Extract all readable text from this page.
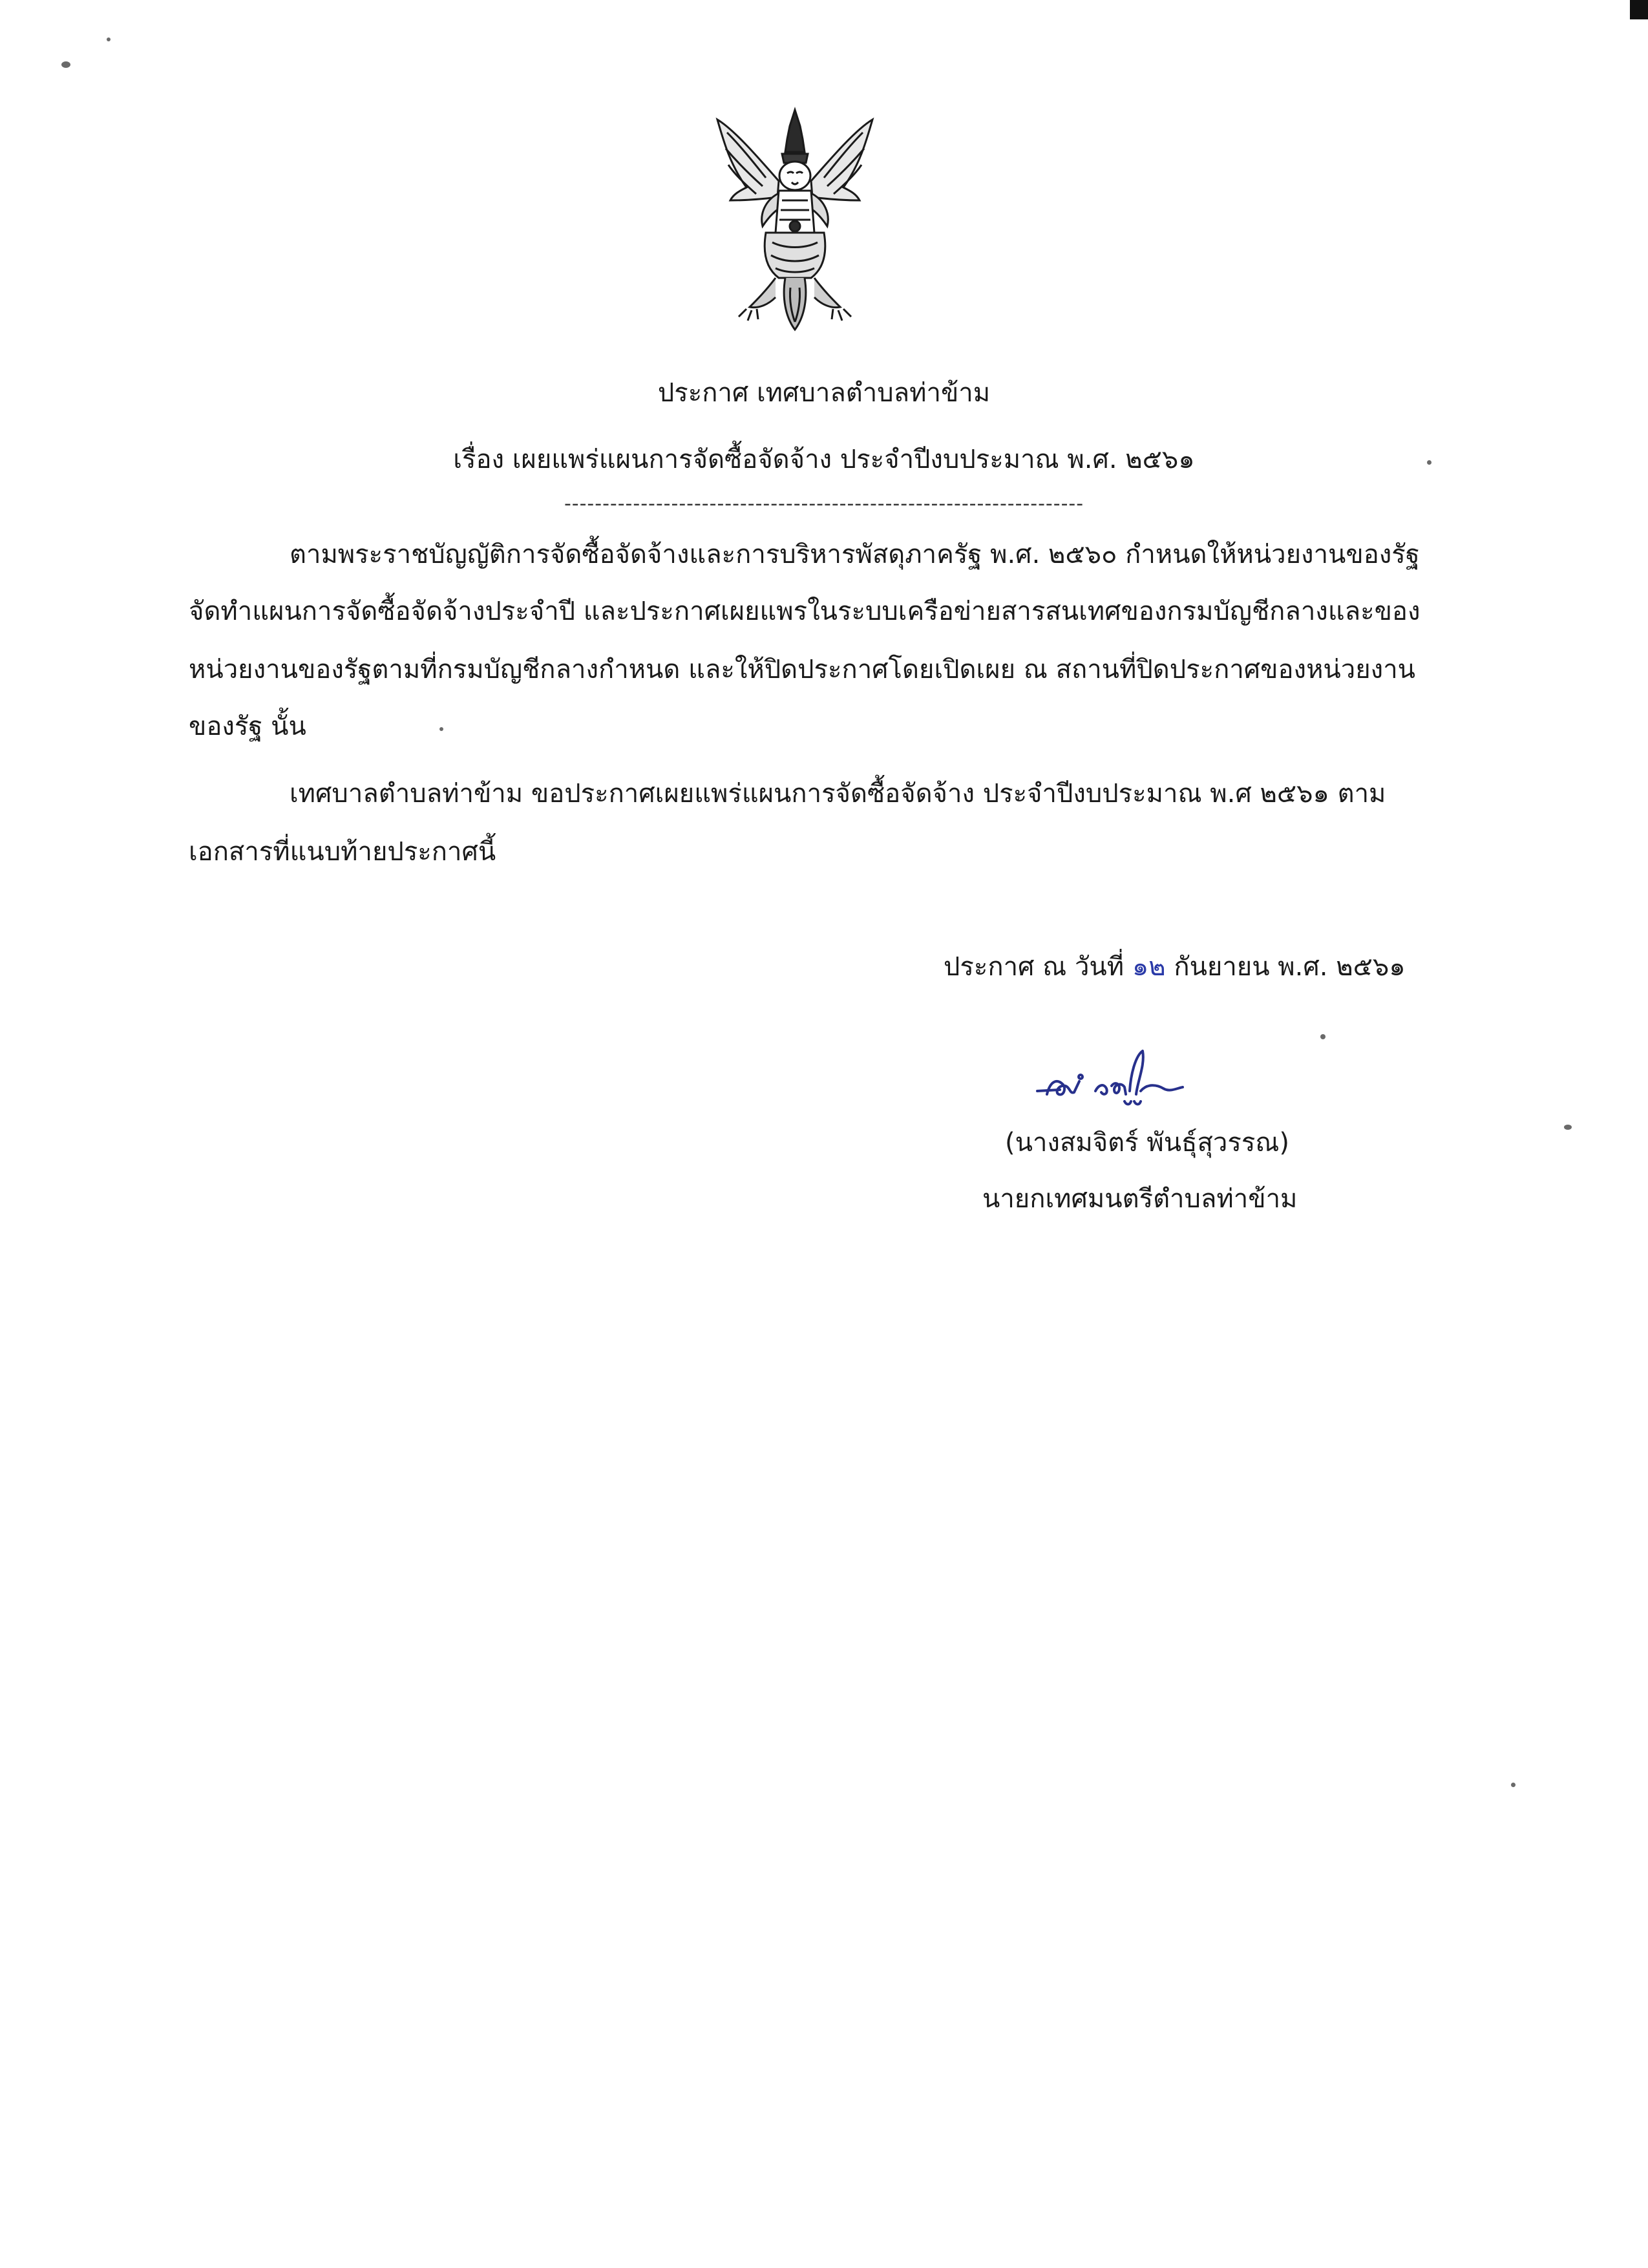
ประกาศ เทศบาลตำบลท่าข้าม
เรื่อง เผยแพร่แผนการจัดซื้อจัดจ้าง ประจำปีงบประมาณ พ.ศ. ๒๕๖๑
--------------------------------------------------------------------
ตามพระราชบัญญัติการจัดซื้อจัดจ้างและการบริหารพัสดุภาครัฐ พ.ศ. ๒๕๖๐ กำหนดให้หน่วยงานของรัฐ
จัดทำแผนการจัดซื้อจัดจ้างประจำปี และประกาศเผยแพรในระบบเครือข่ายสารสนเทศของกรมบัญชีกลางและของ
หน่วยงานของรัฐตามที่กรมบัญชีกลางกำหนด และให้ปิดประกาศโดยเปิดเผย ณ สถานที่ปิดประกาศของหน่วยงาน
ของรัฐ นั้น
เทศบาลตำบลท่าข้าม ขอประกาศเผยแพร่แผนการจัดซื้อจัดจ้าง ประจำปีงบประมาณ พ.ศ ๒๕๖๑ ตาม
เอกสารที่แนบท้ายประกาศนี้
ประกาศ ณ วันที่ ๑๒ กันยายน พ.ศ. ๒๕๖๑
(นางสมจิตร์ พันธุ์สุวรรณ)
นายกเทศมนตรีตำบลท่าข้าม
